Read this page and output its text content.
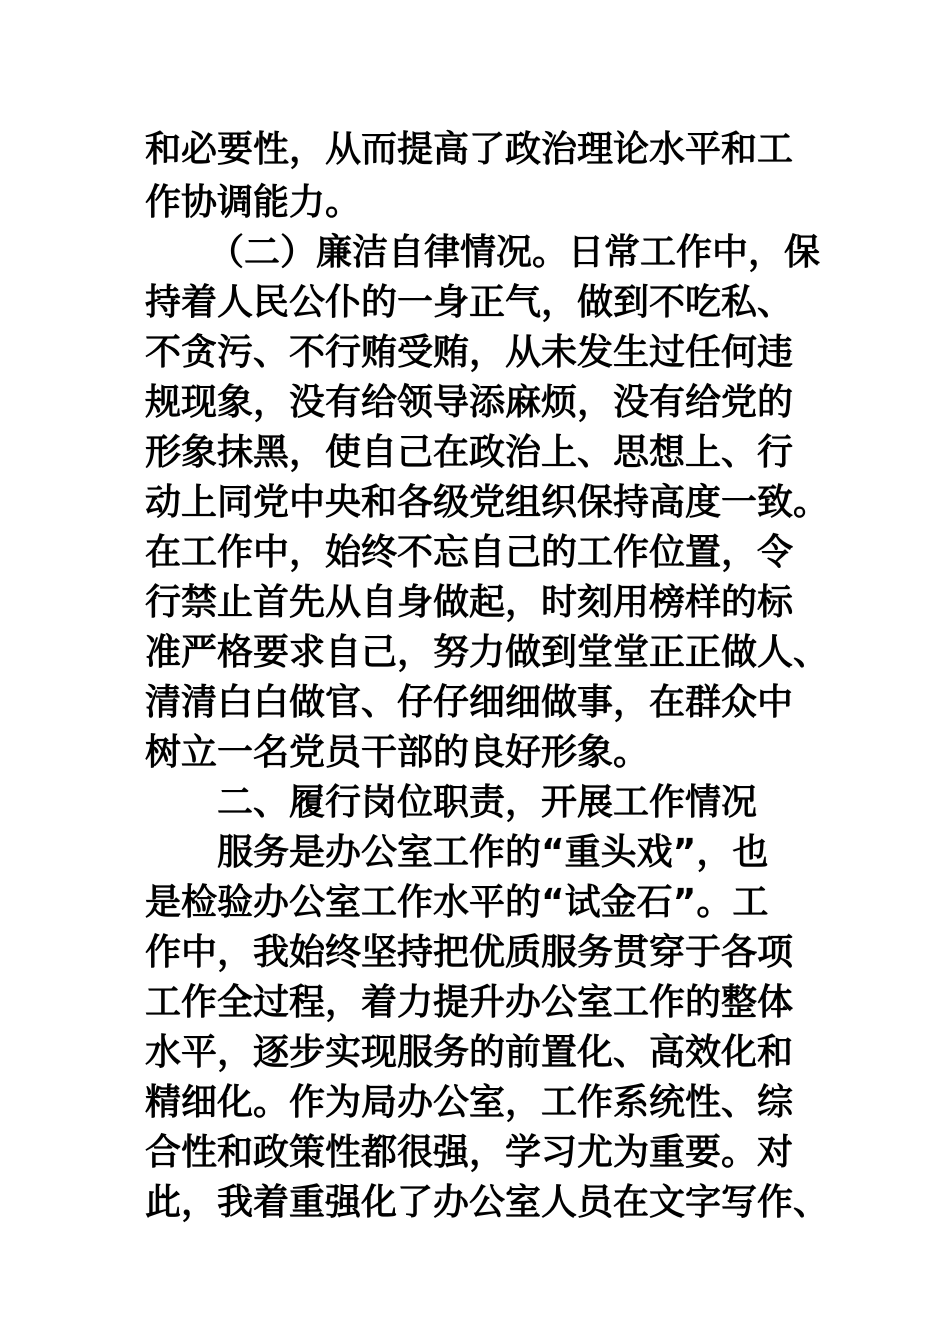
和必要性，从而提高了政治理论水平和工
作协调能力。
（二）廉洁自律情况。日常工作中，保
持着人民公仆的一身正气，做到不吃私、
不贪污、不行贿受贿，从未发生过任何违
规现象，没有给领导添麻烦，没有给党的
形象抹黑，使自己在政治上、思想上、行
动上同党中央和各级党组织保持高度一致。
在工作中，始终不忘自己的工作位置，令
行禁止首先从自身做起，时刻用榜样的标
准严格要求自己，努力做到堂堂正正做人、
清清白白做官、仔仔细细做事，在群众中
树立一名党员干部的良好形象。
二、履行岗位职责，开展工作情况
服务是办公室工作的“重头戏”，也
是检验办公室工作水平的“试金石”。工
作中，我始终坚持把优质服务贯穿于各项
工作全过程，着力提升办公室工作的整体
水平，逐步实现服务的前置化、高效化和
精细化。作为局办公室，工作系统性、综
合性和政策性都很强，学习尤为重要。对
此，我着重强化了办公室人员在文字写作、
